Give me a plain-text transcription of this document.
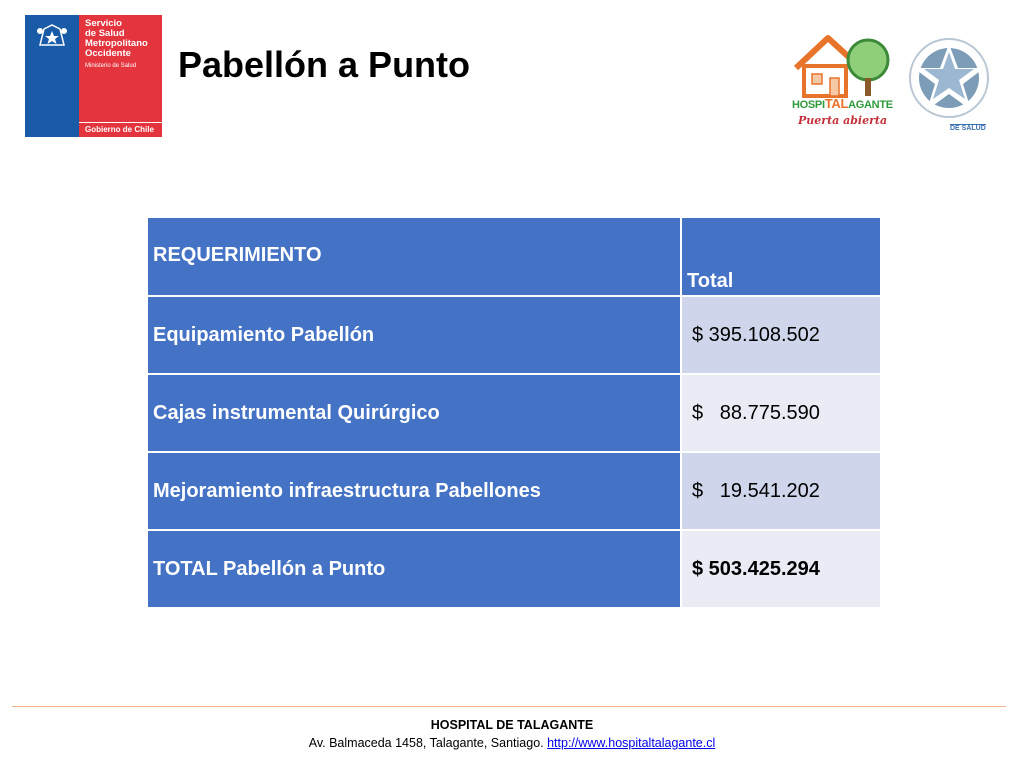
Servicio
de Salud
Metropolitano
Occidente
Ministerio de Salud
Gobierno de Chile
Pabellón a Punto
HOSPITALAGANTE
Puerta abierta
DE SALUD
REQUERIMIENTO	Total
Equipamiento Pabellón	$ 395.108.502
Cajas instrumental Quirúrgico	$   88.775.590
Mejoramiento infraestructura Pabellones	$   19.541.202
TOTAL Pabellón a Punto	$ 503.425.294
HOSPITAL DE TALAGANTE
Av. Balmaceda 1458, Talagante, Santiago. http://www.hospitaltalagante.cl
